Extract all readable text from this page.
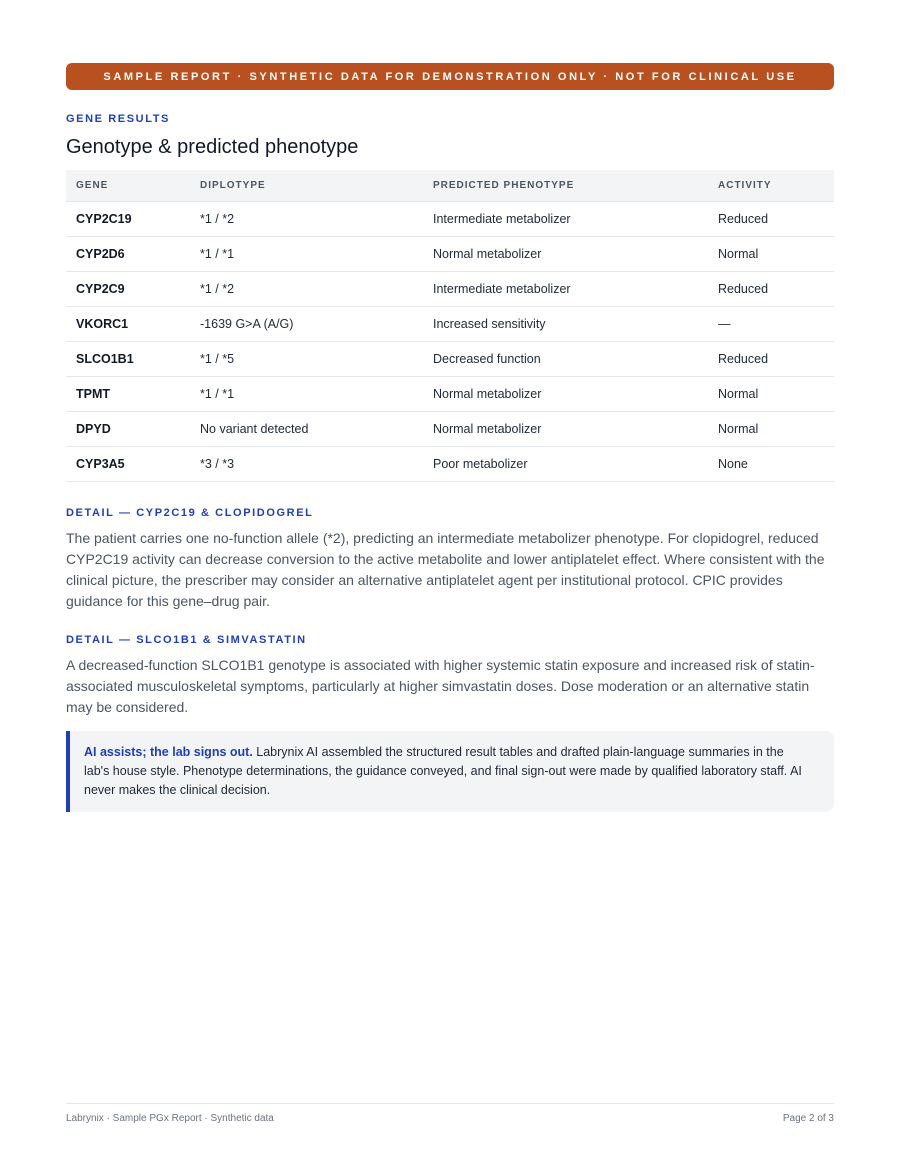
SAMPLE REPORT · SYNTHETIC DATA FOR DEMONSTRATION ONLY · NOT FOR CLINICAL USE
GENE RESULTS
Genotype & predicted phenotype
GENE	DIPLOTYPE	PREDICTED PHENOTYPE	ACTIVITY
CYP2C19	*1 / *2	Intermediate metabolizer	Reduced
CYP2D6	*1 / *1	Normal metabolizer	Normal
CYP2C9	*1 / *2	Intermediate metabolizer	Reduced
VKORC1	-1639 G>A (A/G)	Increased sensitivity	—
SLCO1B1	*1 / *5	Decreased function	Reduced
TPMT	*1 / *1	Normal metabolizer	Normal
DPYD	No variant detected	Normal metabolizer	Normal
CYP3A5	*3 / *3	Poor metabolizer	None
DETAIL — CYP2C19 & CLOPIDOGREL
The patient carries one no-function allele (*2), predicting an intermediate metabolizer phenotype. For clopidogrel, reduced CYP2C19 activity can decrease conversion to the active metabolite and lower antiplatelet effect. Where consistent with the clinical picture, the prescriber may consider an alternative antiplatelet agent per institutional protocol. CPIC provides guidance for this gene–drug pair.
DETAIL — SLCO1B1 & SIMVASTATIN
A decreased-function SLCO1B1 genotype is associated with higher systemic statin exposure and increased risk of statin-associated musculoskeletal symptoms, particularly at higher simvastatin doses. Dose moderation or an alternative statin may be considered.
AI assists; the lab signs out. Labrynix AI assembled the structured result tables and drafted plain-language summaries in the lab's house style. Phenotype determinations, the guidance conveyed, and final sign-out were made by qualified laboratory staff. AI never makes the clinical decision.
Labrynix · Sample PGx Report · Synthetic data	Page 2 of 3
